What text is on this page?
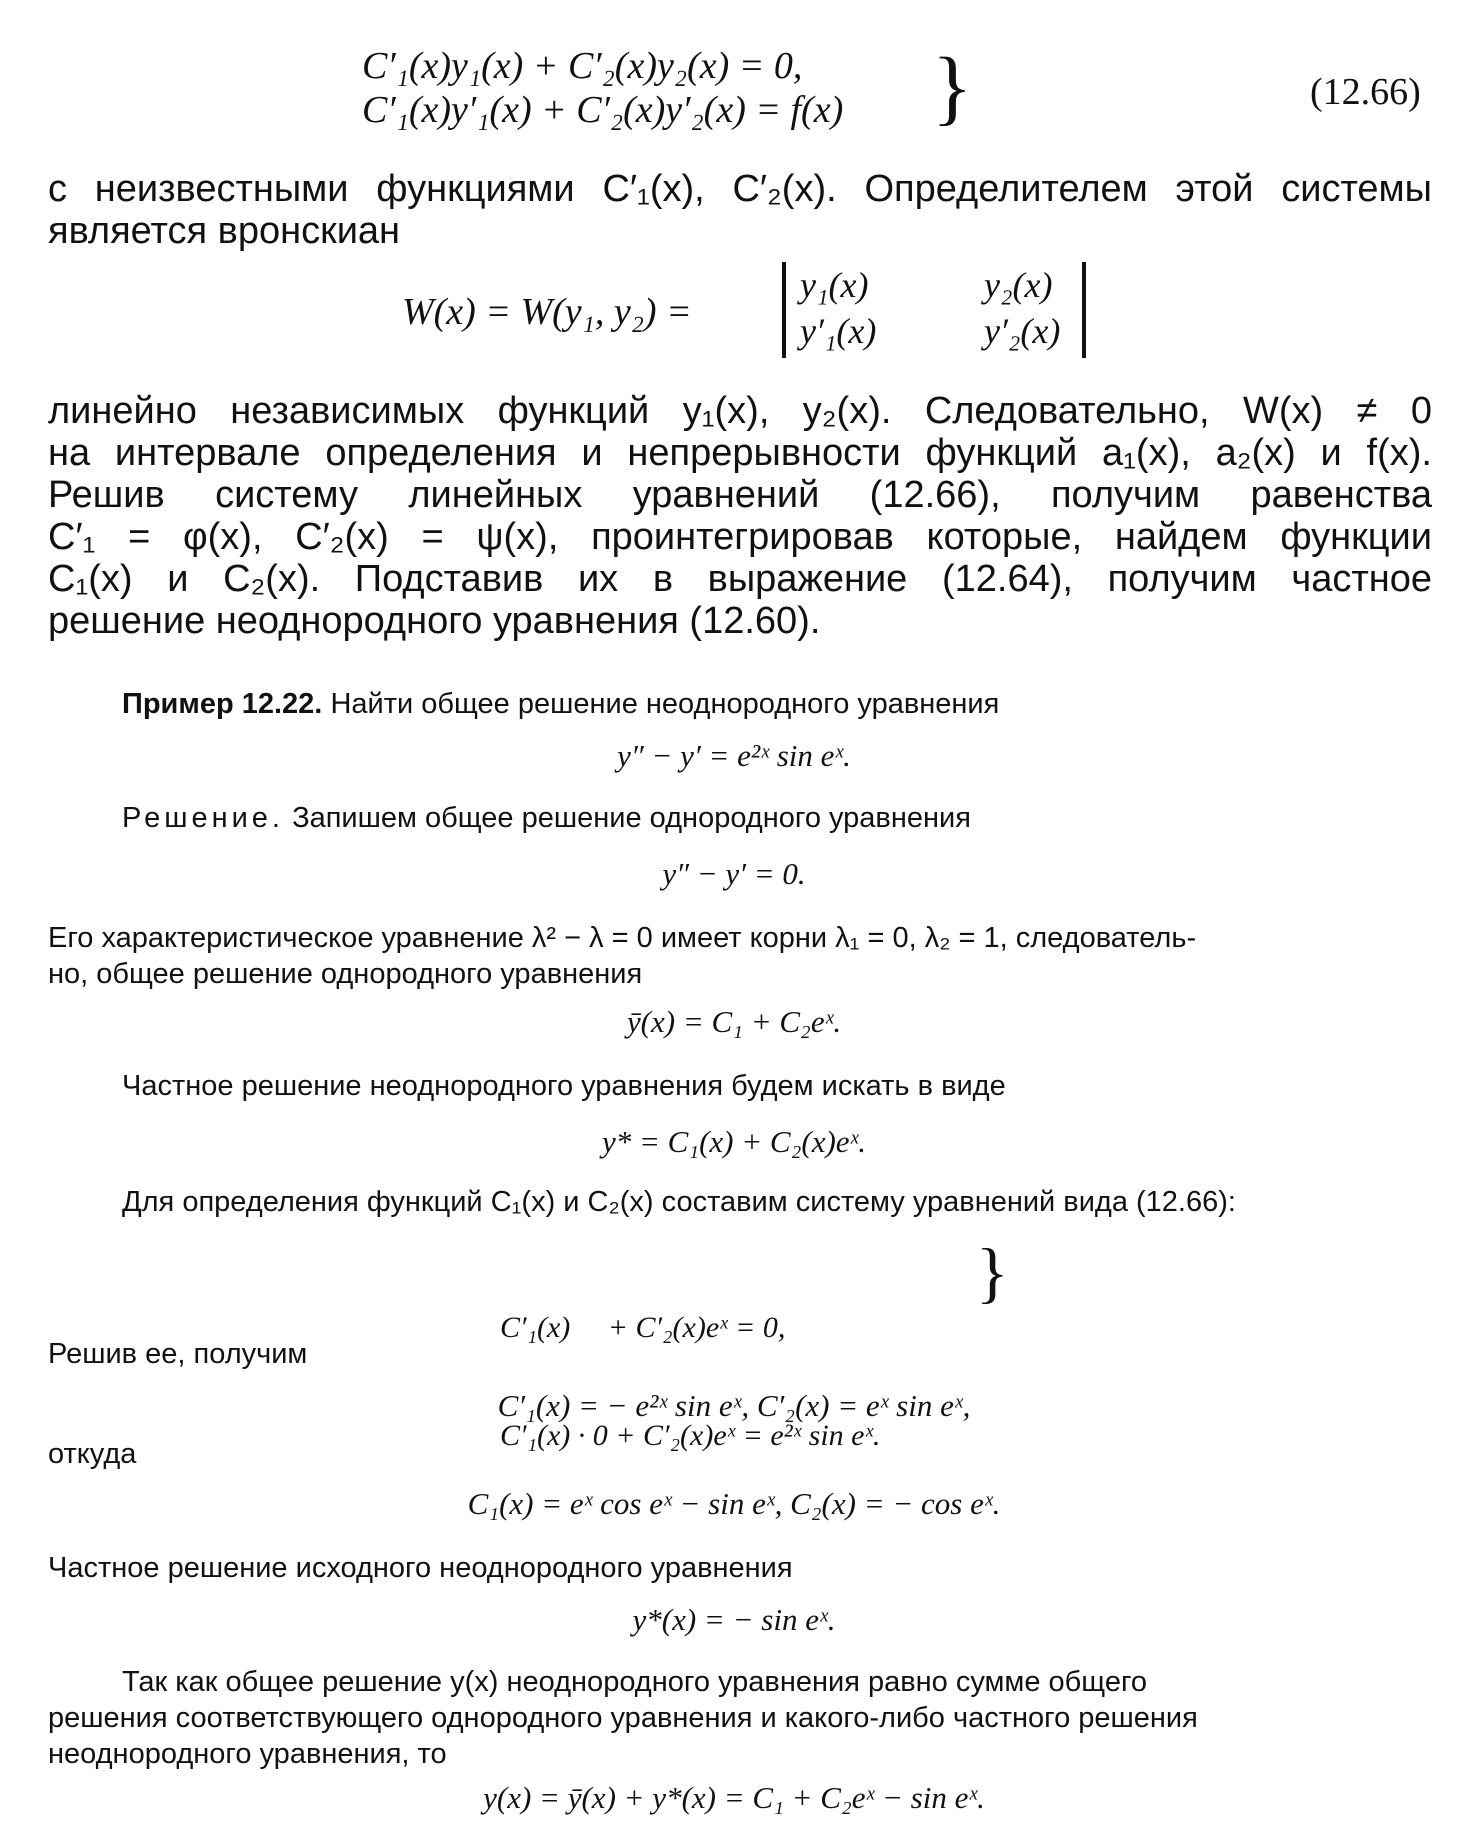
C′₁(x)y₁(x) + C′₂(x)y₂(x) = 0,
C′₁(x)y′₁(x) + C′₂(x)y′₂(x) = f(x) }	(12.66)
с неизвестными функциями C′₁(x), C′₂(x). Определителем этой системы
является вронскиан
W(x) = W(y₁, y₂) =
y₁(x)
y′₁(x)
y₂(x)
y′₂(x)
линейно независимых функций y₁(x), y₂(x). Следовательно, W(x) ≠ 0
на интервале определения и непрерывности функций a₁(x), a₂(x) и f(x).
Решив систему линейных уравнений (12.66), получим равенства
C′₁ = φ(x), C′₂(x) = ψ(x), проинтегрировав которые, найдем функции
C₁(x) и C₂(x). Подставив их в выражение (12.64), получим частное
решение неоднородного уравнения (12.60).
Пример 12.22. Найти общее решение неоднородного уравнения
y″ − y′ = e²ˣ sin eˣ.
Решение. Запишем общее решение однородного уравнения
y″ − y′ = 0.
Его характеристическое уравнение λ² − λ = 0 имеет корни λ₁ = 0, λ₂ = 1, следователь-
но, общее решение однородного уравнения
ȳ(x) = C₁ + C₂eˣ.
Частное решение неоднородного уравнения будем искать в виде
y* = C₁(x) + C₂(x)eˣ.
Для определения функций C₁(x) и C₂(x) составим систему уравнений вида (12.66):

C′₁(x)     + C′₂(x)eˣ = 0,

C′₁(x) · 0 + C′₂(x)eˣ = e²ˣ sin eˣ.

}
Решив ее, получим
C′₁(x) = − e²ˣ sin eˣ, C′₂(x) = eˣ sin eˣ,
откуда
C₁(x) = eˣ cos eˣ − sin eˣ, C₂(x) = − cos eˣ.
Частное решение исходного неоднородного уравнения
y*(x) = − sin eˣ.
Так как общее решение y(x) неоднородного уравнения равно сумме общего
решения соответствующего однородного уравнения и какого-либо частного решения
неоднородного уравнения, то
y(x) = ȳ(x) + y*(x) = C₁ + C₂eˣ − sin eˣ.
